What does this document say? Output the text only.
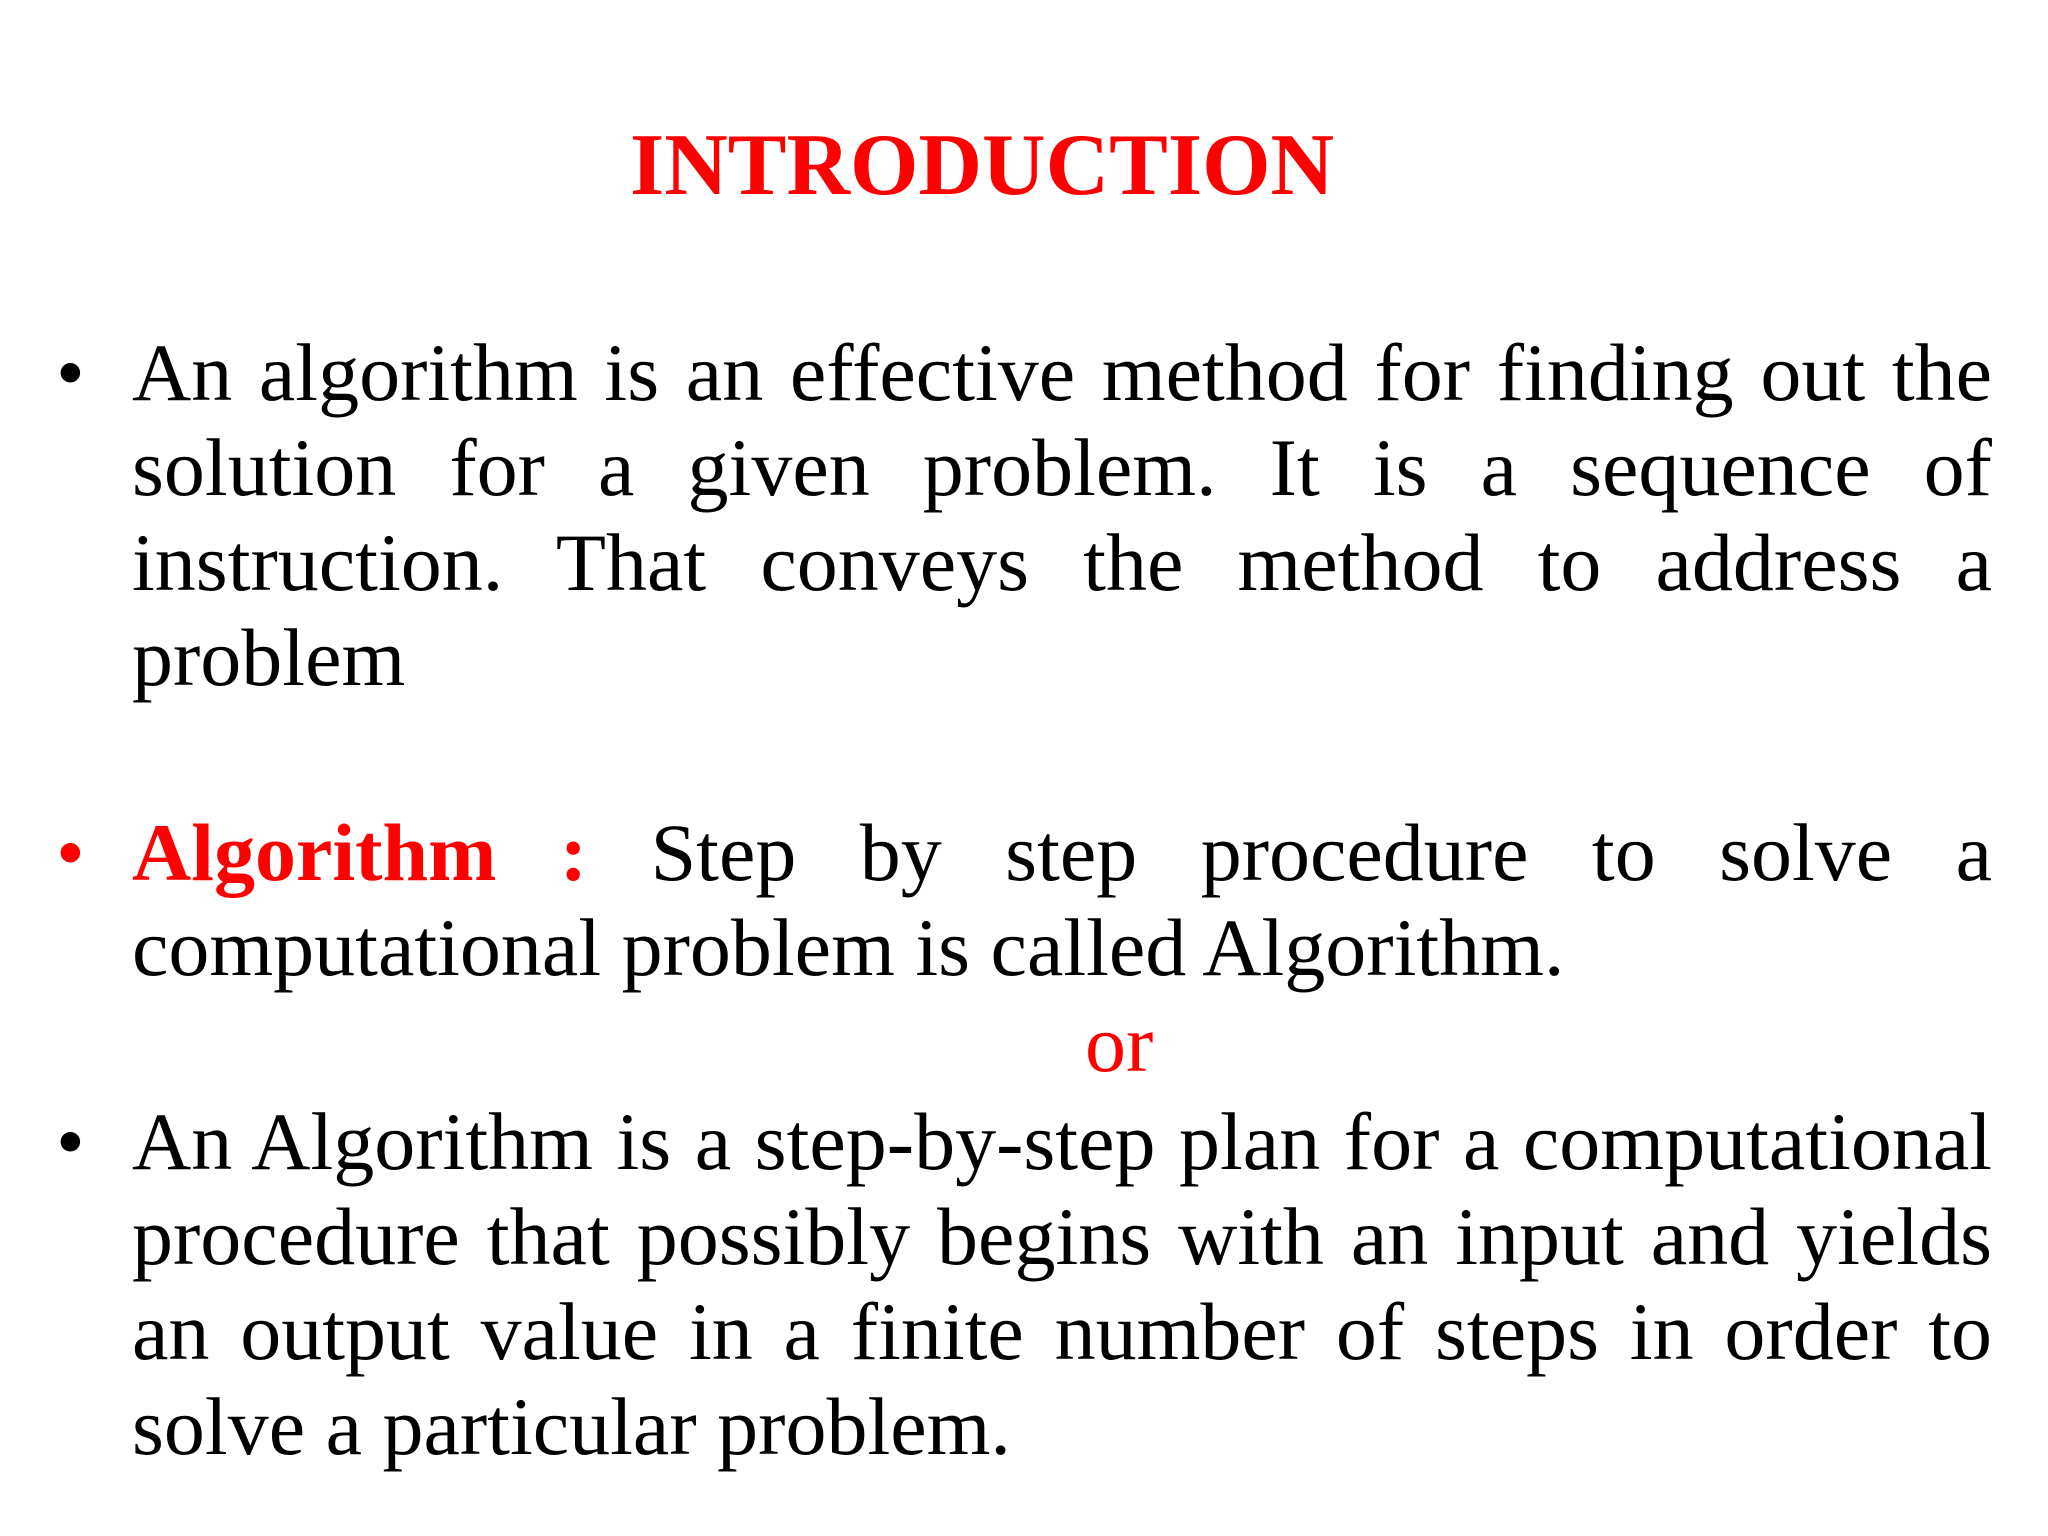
INTRODUCTION
• An algorithm is an effective method for finding out the solution for a given problem. It is a sequence of instruction. That conveys the method to address a problem
• Algorithm : Step by step procedure to solve a computational problem is called Algorithm.

or

• An Algorithm is a step-by-step plan for a computational procedure that possibly begins with an input and yields an output value in a finite number of steps in order to solve a particular problem.
